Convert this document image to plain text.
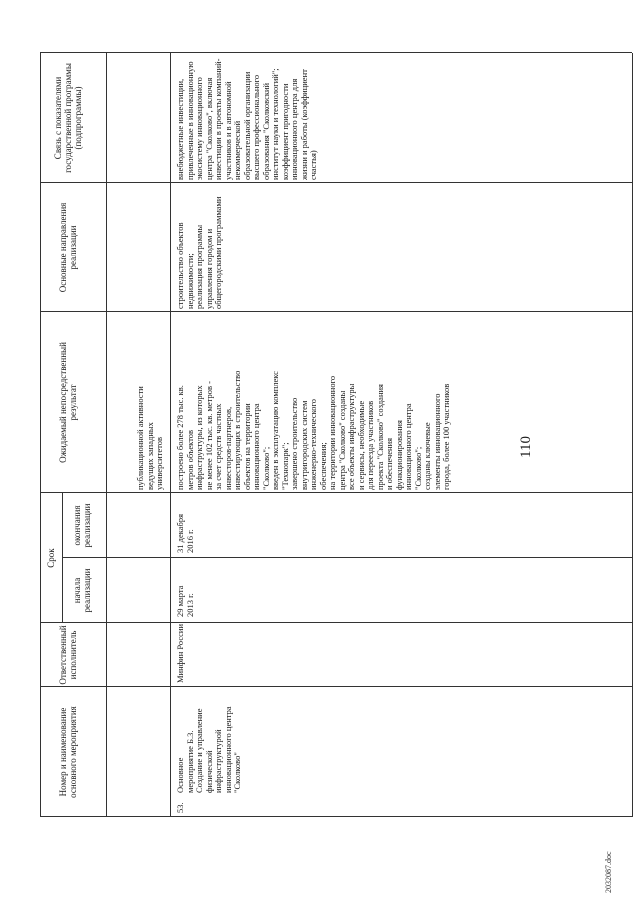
110
Номер и наименование основного мероприятия
Ответственный исполнитель
Срок
начала реализации
окончания реализации
Ожидаемый непосредственный результат
Основные направления реализации
Связь с показателями государственной программы (подпрограммы)
публикационной активности ведущих западных университетов
53.
Основное мероприятие Б.3. Создание и управление физической инфраструктурой инновационного центра "Сколково"
Минфин России
29 марта 2013 г.
31 декабря 2016 г.
построено более 278 тыс. кв. метров объектов инфраструктуры, из которых не менее 102 тыс. кв. метров - за счет средств частных инвесторов-партнеров, инвестирующих в строительство объектов на территории инновационного центра "Сколково"; введен в эксплуатацию комплекс "Технопарк"; завершено строительство внутригородских систем инженерно-технического обеспечения; на территории инновационного центра "Сколково" созданы все объекты инфраструктуры и сервисы, необходимые для переезда участников проекта "Сколково" создания и обеспечения функционирования инновационного центра "Сколково"; созданы ключевые элементы инновационного города, более 100 участников
строительство объектов недвижимости; реализация программы управления городом и общегородскими программами
внебюджетные инвестиции, привлеченные в инновационную экосистему инновационного центра "Сколково", включая инвестиции в проекты компаний- участников и в автономной некоммерческой образовательной организации высшего профессионального образования "Сколковский институт науки и технологий"; коэффициент пригодности инновационного центра для жизни и работы (коэффициент счастья)
2032087.doc
